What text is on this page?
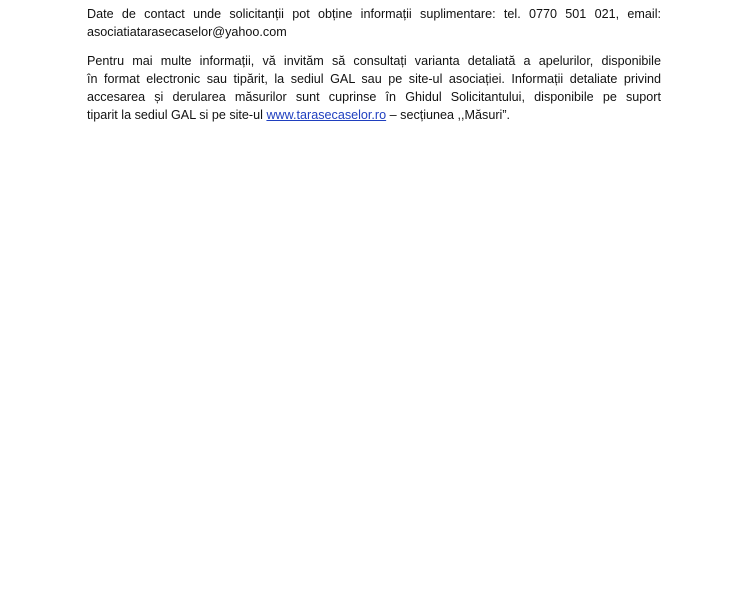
Date de contact unde solicitanții pot obține informații suplimentare: tel. 0770 501 021, email:
asociatiatarasecaselor@yahoo.com

Pentru mai multe informații, vă invităm să consultați varianta detaliată a apelurilor, disponibile
în format electronic sau tipărit, la sediul GAL sau pe site-ul asociației. Informații detaliate privind
accesarea și derularea măsurilor sunt cuprinse în Ghidul Solicitantului, disponibile pe suport
tiparit la sediul GAL si pe site-ul www.tarasecaselor.ro – secțiunea ,,Măsuri”.
